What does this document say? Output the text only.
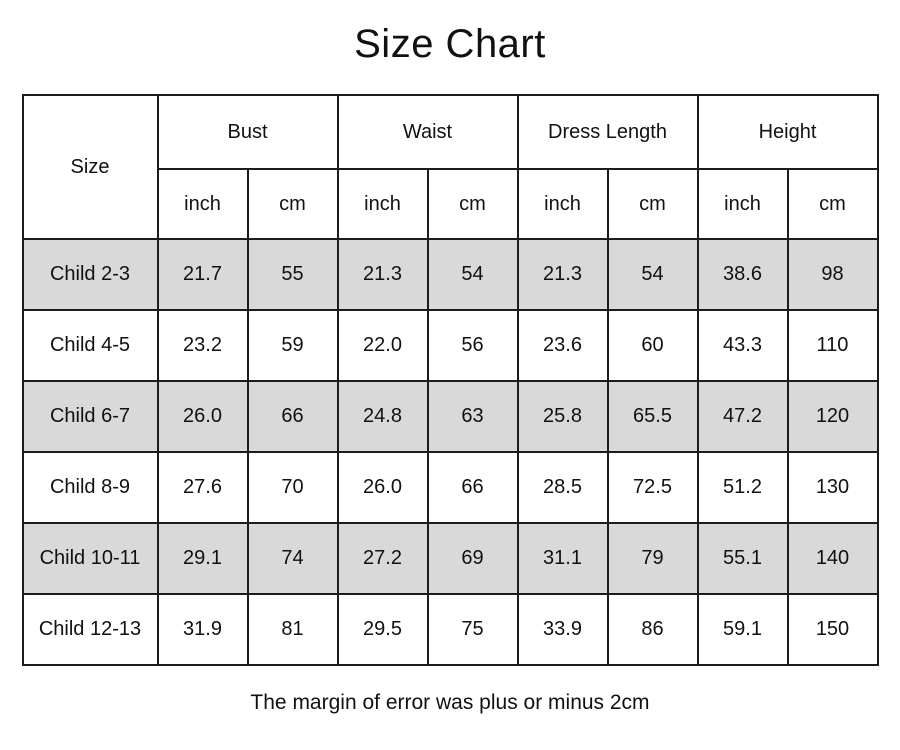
Size Chart
Size	Bust		Waist		Dress Length		Height	
	inch	cm	inch	cm	inch	cm	inch	cm
Child 2-3	21.7	55	21.3	54	21.3	54	38.6	98
Child 4-5	23.2	59	22.0	56	23.6	60	43.3	110
Child 6-7	26.0	66	24.8	63	25.8	65.5	47.2	120
Child 8-9	27.6	70	26.0	66	28.5	72.5	51.2	130
Child 10-11	29.1	74	27.2	69	31.1	79	55.1	140
Child 12-13	31.9	81	29.5	75	33.9	86	59.1	150

The margin of error was plus or minus 2cm
